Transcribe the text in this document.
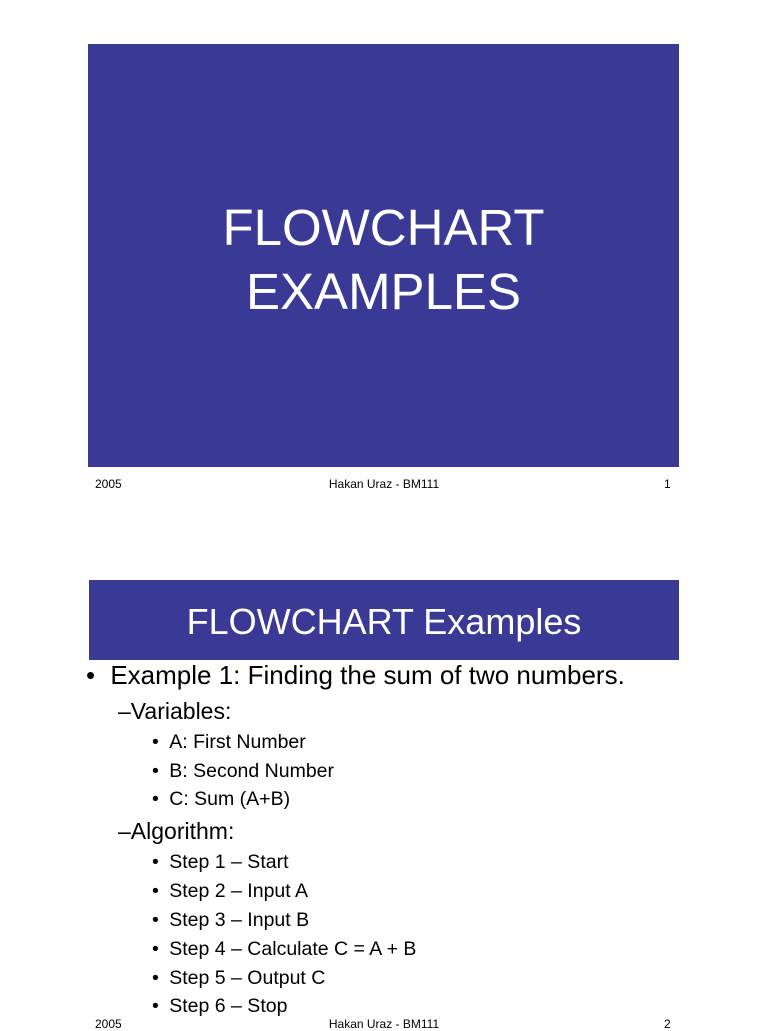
FLOWCHART
EXAMPLES
2005	Hakan Uraz - BM111	1
FLOWCHART Examples
• Example 1: Finding the sum of two numbers.
–Variables:
• A: First Number
• B: Second Number
• C: Sum (A+B)
–Algorithm:
• Step 1 – Start
• Step 2 – Input A
• Step 3 – Input B
• Step 4 – Calculate C = A + B
• Step 5 – Output C
• Step 6 – Stop
2005	Hakan Uraz - BM111	2
